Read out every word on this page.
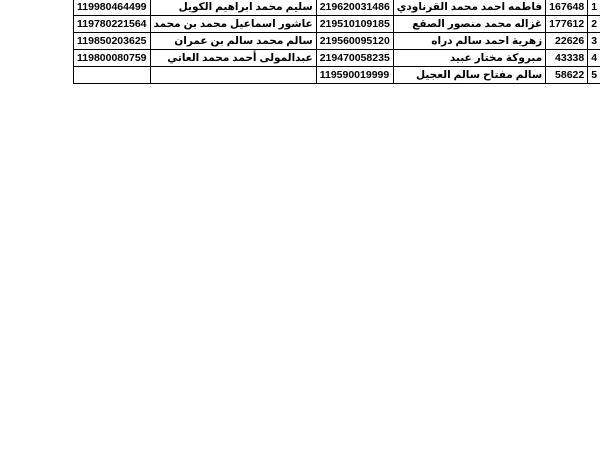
119980464499	سليم محمد ابراهيم الكويل	219620031486	فاطمه احمد محمد القرناودي	167648	1
119780221564	عاشور اسماعيل محمد بن محمد	219510109185	غزاله محمد منصور الصقع	177612	2
119850203625	سالم محمد سالم بن عمران	219560095120	زهرية احمد سالم دراه	22626	3
119800080759	عبدالمولى أحمد محمد العاتي	219470058235	مبروكة مختار عبيد	43338	4
		119590019999	سالم مفتاح سالم العجيل	58622	5
